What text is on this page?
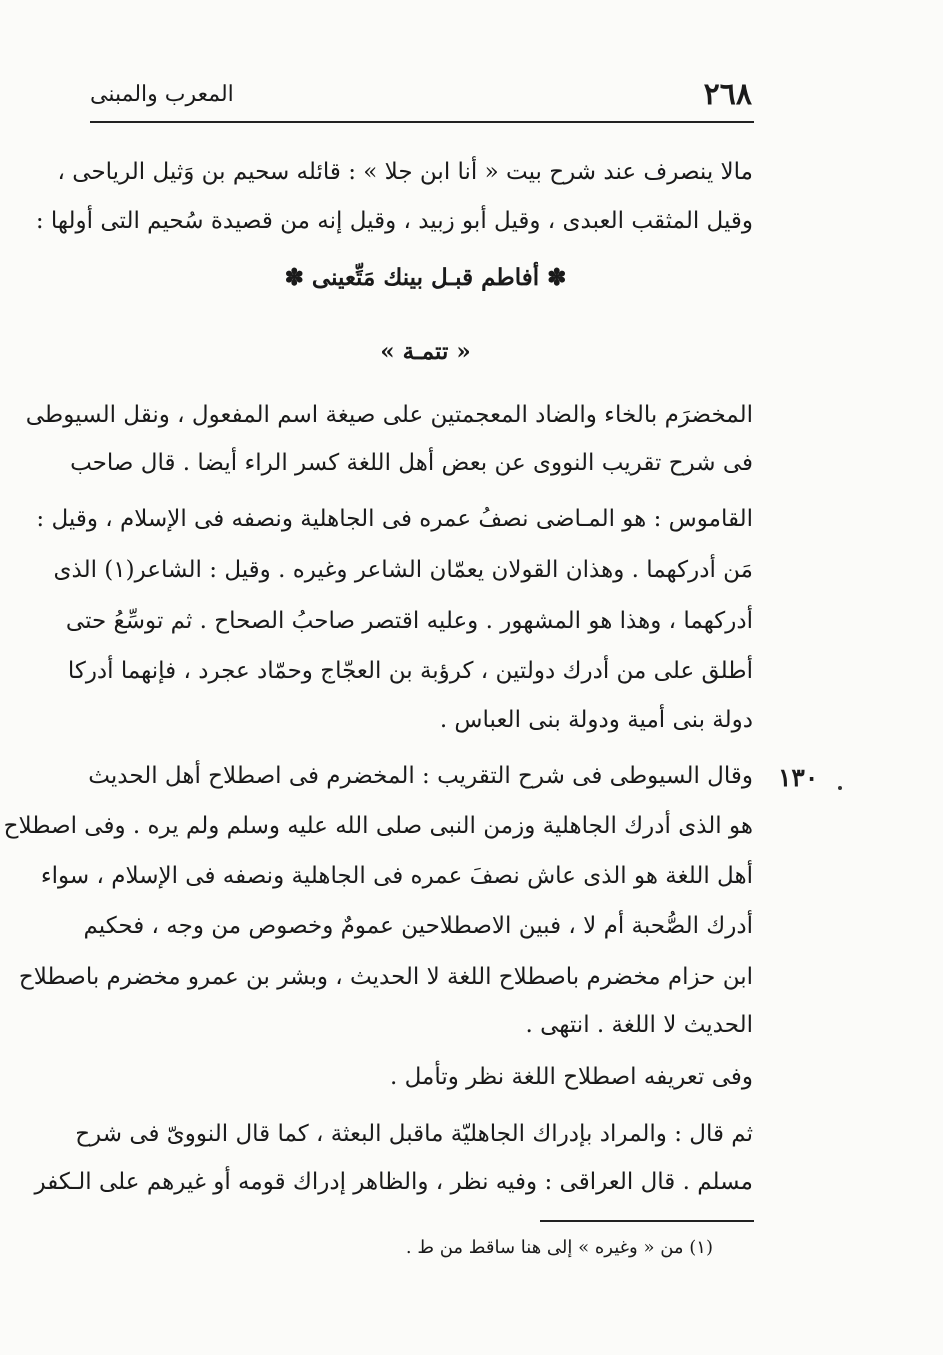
المعرب والمبنى	٢٦٨
مالا ينصرف عند شرح بيت « أنا ابن جلا » : قائله سحيم بن وَثيل الرياحى ،
وقيل المثقب العبدى ، وقيل أبو زبيد ، وقيل إنه من قصيدة سُحيم التى أولها :
✽ أفاطم قبـل بينك مَتِّعينى ✽
« تتمـة »
المخضرَم بالخاء والضاد المعجمتين على صيغة اسم المفعول ، ونقل السيوطى
فى شرح تقريب النووى عن بعض أهل اللغة كسر الراء أيضا . قال صاحب
القاموس : هو المـاضى نصفُ عمره فى الجاهلية ونصفه فى الإسلام ، وقيل :
مَن أدركهما . وهذان القولان يعمّان الشاعر وغيره . وقيل : الشاعر(١) الذى
أدركهما ، وهذا هو المشهور . وعليه اقتصر صاحبُ الصحاح . ثم توسِّعُ حتى
أطلق على من أدرك دولتين ، كرؤبة بن العجّاج وحمّاد عجرد ، فإنهما أدركا
دولة بنى أمية ودولة بنى العباس .
١٣٠
وقال السيوطى فى شرح التقريب : المخضرم فى اصطلاح أهل الحديث
هو الذى أدرك الجاهلية وزمن النبى صلى الله عليه وسلم ولم يره . وفى اصطلاح
أهل اللغة هو الذى عاش نصفَ عمره فى الجاهلية ونصفه فى الإسلام ، سواء
أدرك الصُّحبة أم لا ، فبين الاصطلاحين عمومٌ وخصوص من وجه ، فحكيم
ابن حزام مخضرم باصطلاح اللغة لا الحديث ، وبشر بن عمرو مخضرم باصطلاح
الحديث لا اللغة . انتهى .
وفى تعريفه اصطلاح اللغة نظر وتأمل .
ثم قال : والمراد بإدراك الجاهليّة ماقبل البعثة ، كما قال النووىّ فى شرح
مسلم . قال العراقى : وفيه نظر ، والظاهر إدراك قومه أو غيرهم على الـكفر
(١) من « وغيره » إلى هنا ساقط من ط .
